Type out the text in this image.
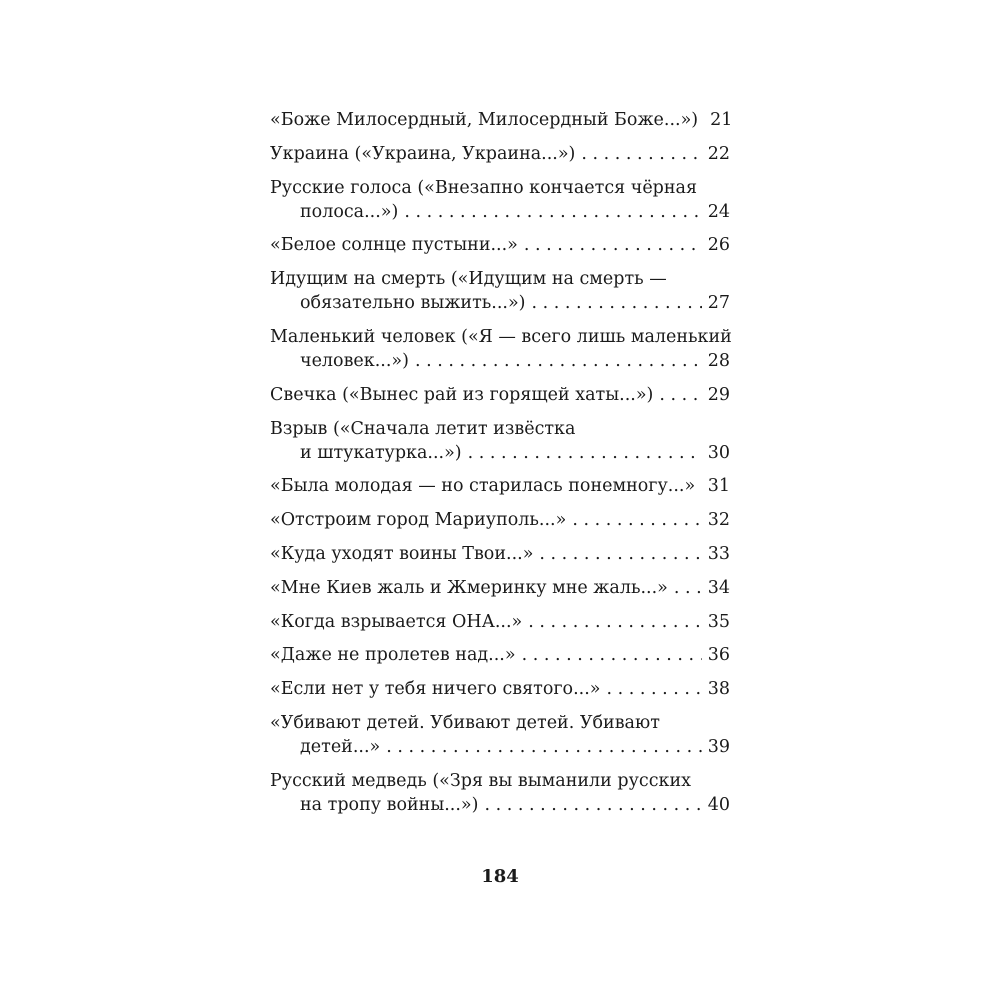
«Боже Милосердный, Милосердный Боже...») 21
Украина («Украина, Украина...») . . .	22
Русские голоса («Внезапно кончается чёрная
полоса...») . . .	24
«Белое солнце пустыни...» . . .	26
Идущим на смерть («Идущим на смерть —
обязательно выжить...») . . .	27
Маленький человек («Я — всего лишь маленький
человек...») . . .	28
Свечка («Вынес рай из горящей хаты...») . . .	29
Взрыв («Сначала летит извёстка
и штукатурка...») . . .	30
«Была молодая — но старилась понемногу...» . . . 31
«Отстроим город Мариуполь...» . . .	32
«Куда уходят воины Твои...» . . .	33
«Мне Киев жаль и Жмеринку мне жаль...» . . . 34
«Когда взрывается ОНА...» . . .	35
«Даже не пролетев над...» . . .	36
«Если нет у тебя ничего святого...» . . .	38
«Убивают детей. Убивают детей. Убивают
детей...» . . .	39
Русский медведь («Зря вы выманили русских
на тропу войны...») . . .	40
184
